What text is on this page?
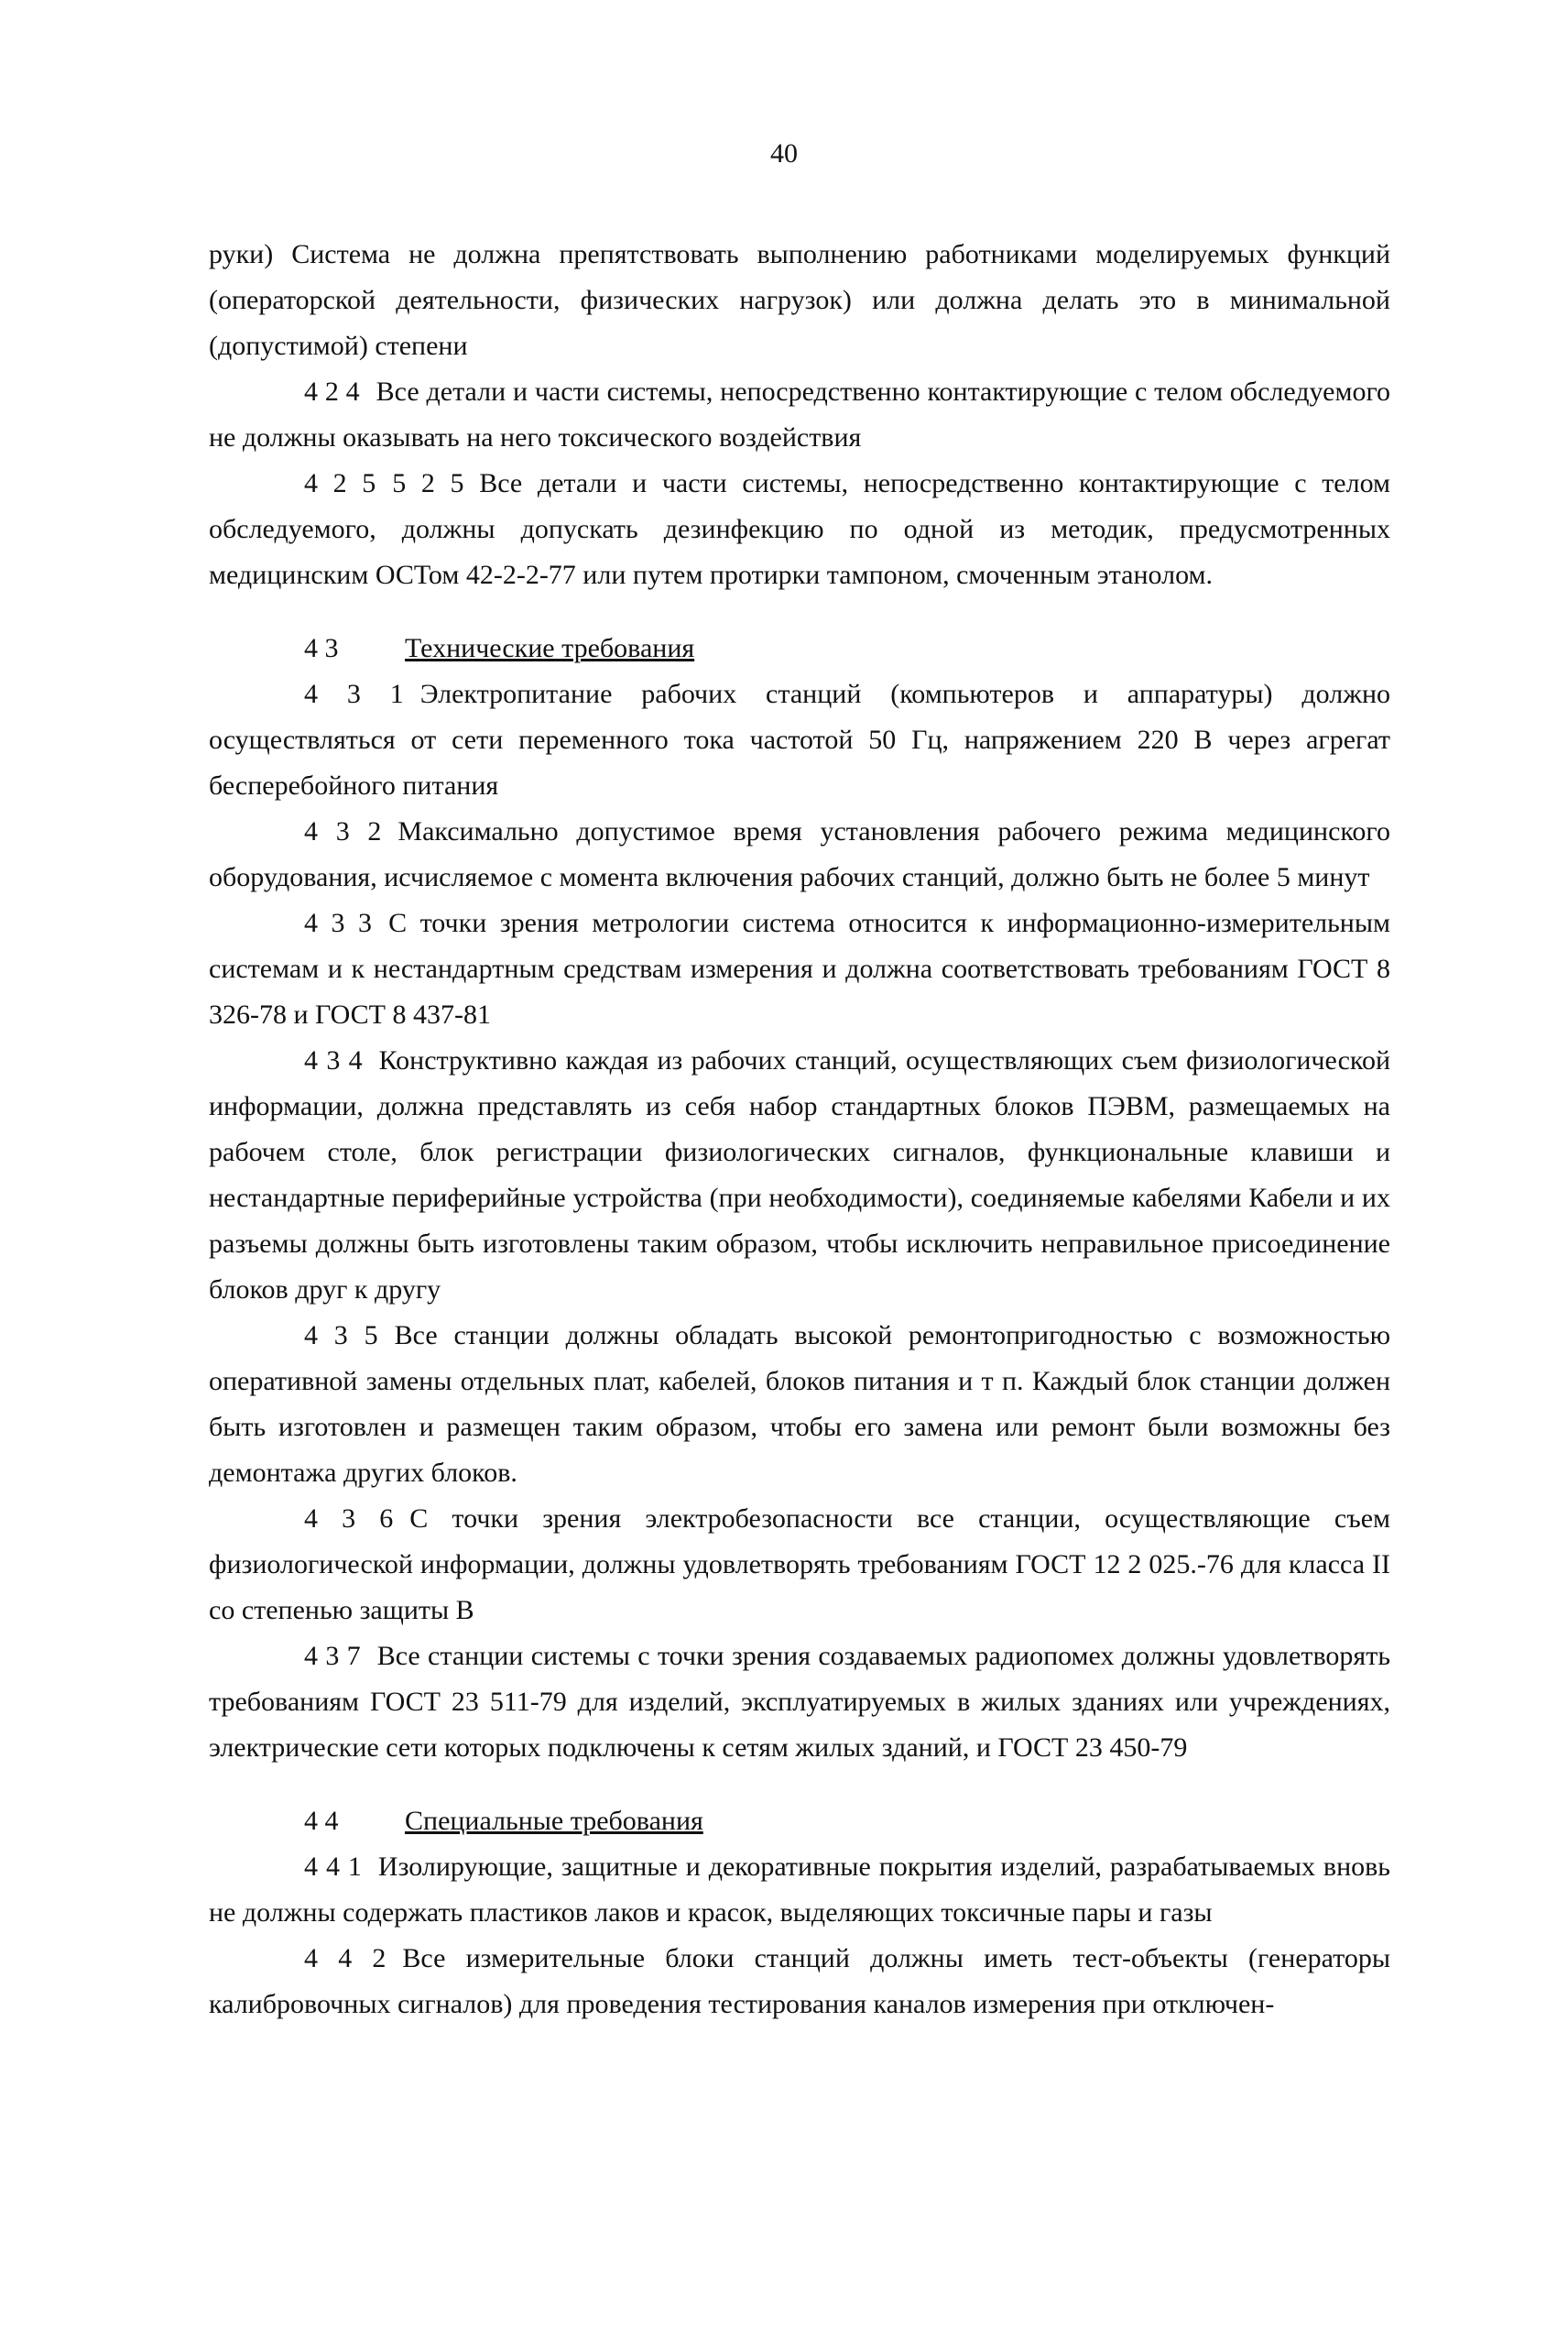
40

руки) Система не должна препятствовать выполнению работниками моделируемых функций (операторской деятельности, физических нагрузок) или должна делать это в минимальной (допустимой) степени

4 2 4 Все детали и части системы, непосредственно контактирующие с телом обследуемого не должны оказывать на него токсического воздействия

4 2 5 5 2 5 Все детали и части системы, непосредственно контактирующие с телом обследуемого, должны допускать дезинфекцию по одной из методик, предусмотренных медицинским ОСТом 42-2-2-77 или путем протирки тампоном, смоченным этанолом.

4 3 Технические требования

4 3 1 Электропитание рабочих станций (компьютеров и аппаратуры) должно осуществляться от сети переменного тока частотой 50 Гц, напряжением 220 В через агрегат бесперебойного питания

4 3 2 Максимально допустимое время установления рабочего режима медицинского оборудования, исчисляемое с момента включения рабочих станций, должно быть не более 5 минут

4 3 3 С точки зрения метрологии система относится к информационно-измерительным системам и к нестандартным средствам измерения и должна соответствовать требованиям ГОСТ 8 326-78 и ГОСТ 8 437-81

4 3 4 Конструктивно каждая из рабочих станций, осуществляющих съем физиологической информации, должна представлять из себя набор стандартных блоков ПЭВМ, размещаемых на рабочем столе, блок регистрации физиологических сигналов, функциональные клавиши и нестандартные периферийные устройства (при необходимости), соединяемые кабелями Кабели и их разъемы должны быть изготовлены таким образом, чтобы исключить неправильное присоединение блоков друг к другу

4 3 5 Все станции должны обладать высокой ремонтопригодностью с возможностью оперативной замены отдельных плат, кабелей, блоков питания и т п. Каждый блок станции должен быть изготовлен и размещен таким образом, чтобы его замена или ремонт были возможны без демонтажа других блоков.

4 3 6 С точки зрения электробезопасности все станции, осуществляющие съем физиологической информации, должны удовлетворять требованиям ГОСТ 12 2 025.-76 для класса II со степенью защиты В

4 3 7 Все станции системы с точки зрения создаваемых радиопомех должны удовлетворять требованиям ГОСТ 23 511-79 для изделий, эксплуатируемых в жилых зданиях или учреждениях, электрические сети которых подключены к сетям жилых зданий, и ГОСТ 23 450-79

4 4 Специальные требования

4 4 1 Изолирующие, защитные и декоративные покрытия изделий, разрабатываемых вновь не должны содержать пластиков лаков и красок, выделяющих токсичные пары и газы

4 4 2 Все измерительные блоки станций должны иметь тест-объекты (генераторы калибровочных сигналов) для проведения тестирования каналов измерения при отключен-
